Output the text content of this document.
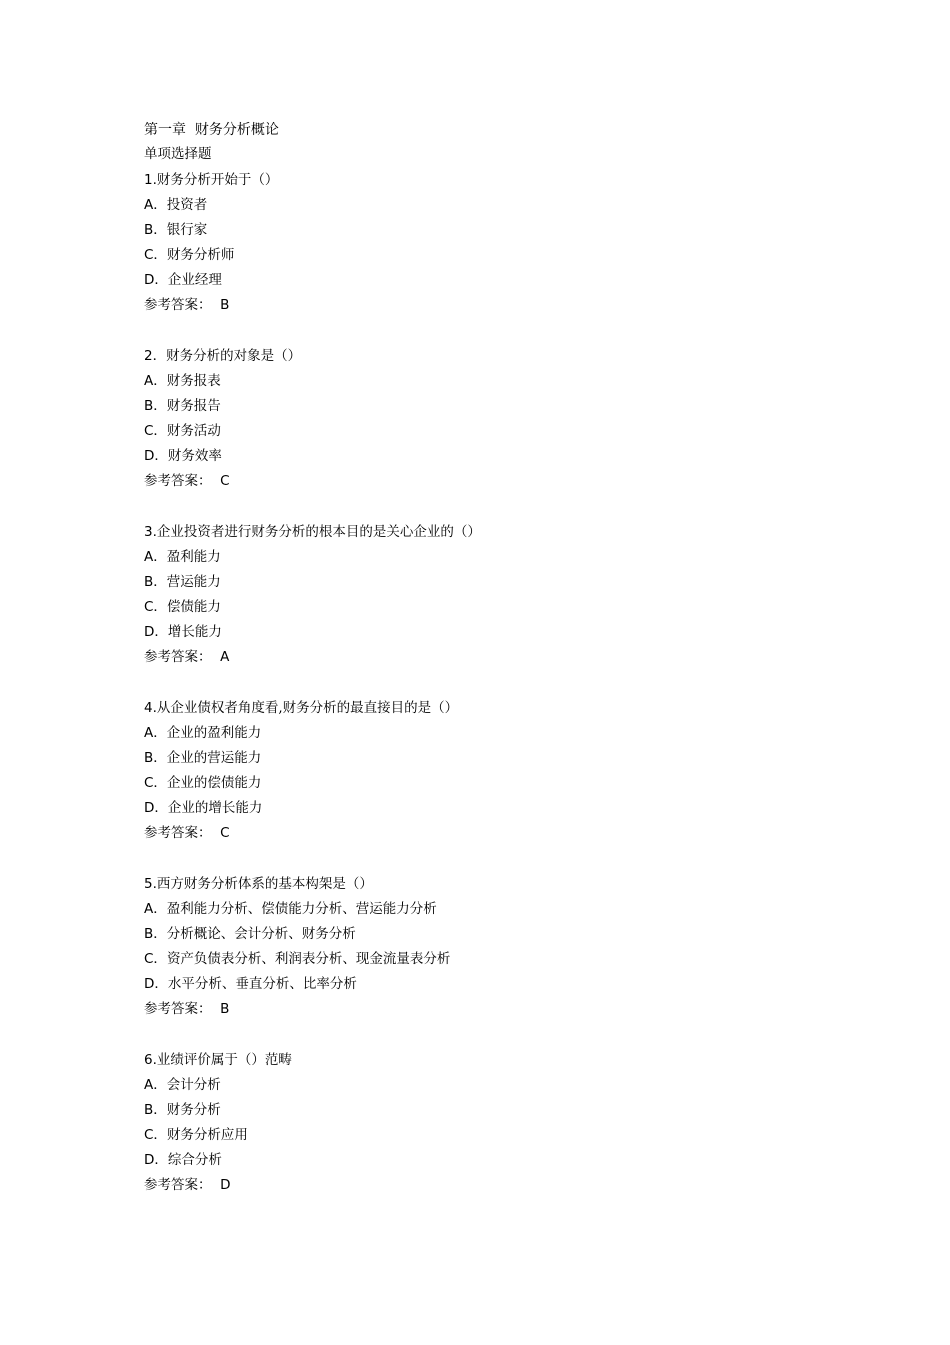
第一章  财务分析概论
单项选择题
1.财务分析开始于（）
A．投资者
B．银行家
C．财务分析师
D．企业经理
参考答案： B
2．财务分析的对象是（）
A．财务报表
B．财务报告
C．财务活动
D．财务效率
参考答案： C
3.企业投资者进行财务分析的根本目的是关心企业的（）
A．盈利能力
B．营运能力
C．偿债能力
D．增长能力
参考答案： A
4.从企业债权者角度看,财务分析的最直接目的是（）
A．企业的盈利能力
B．企业的营运能力
C．企业的偿债能力
D．企业的增长能力
参考答案： C
5.西方财务分析体系的基本构架是（）
A．盈利能力分析、偿债能力分析、营运能力分析
B．分析概论、会计分析、财务分析
C．资产负债表分析、利润表分析、现金流量表分析
D．水平分析、垂直分析、比率分析
参考答案： B
6.业绩评价属于（）范畴
A．会计分析
B．财务分析
C．财务分析应用
D．综合分析
参考答案： D
